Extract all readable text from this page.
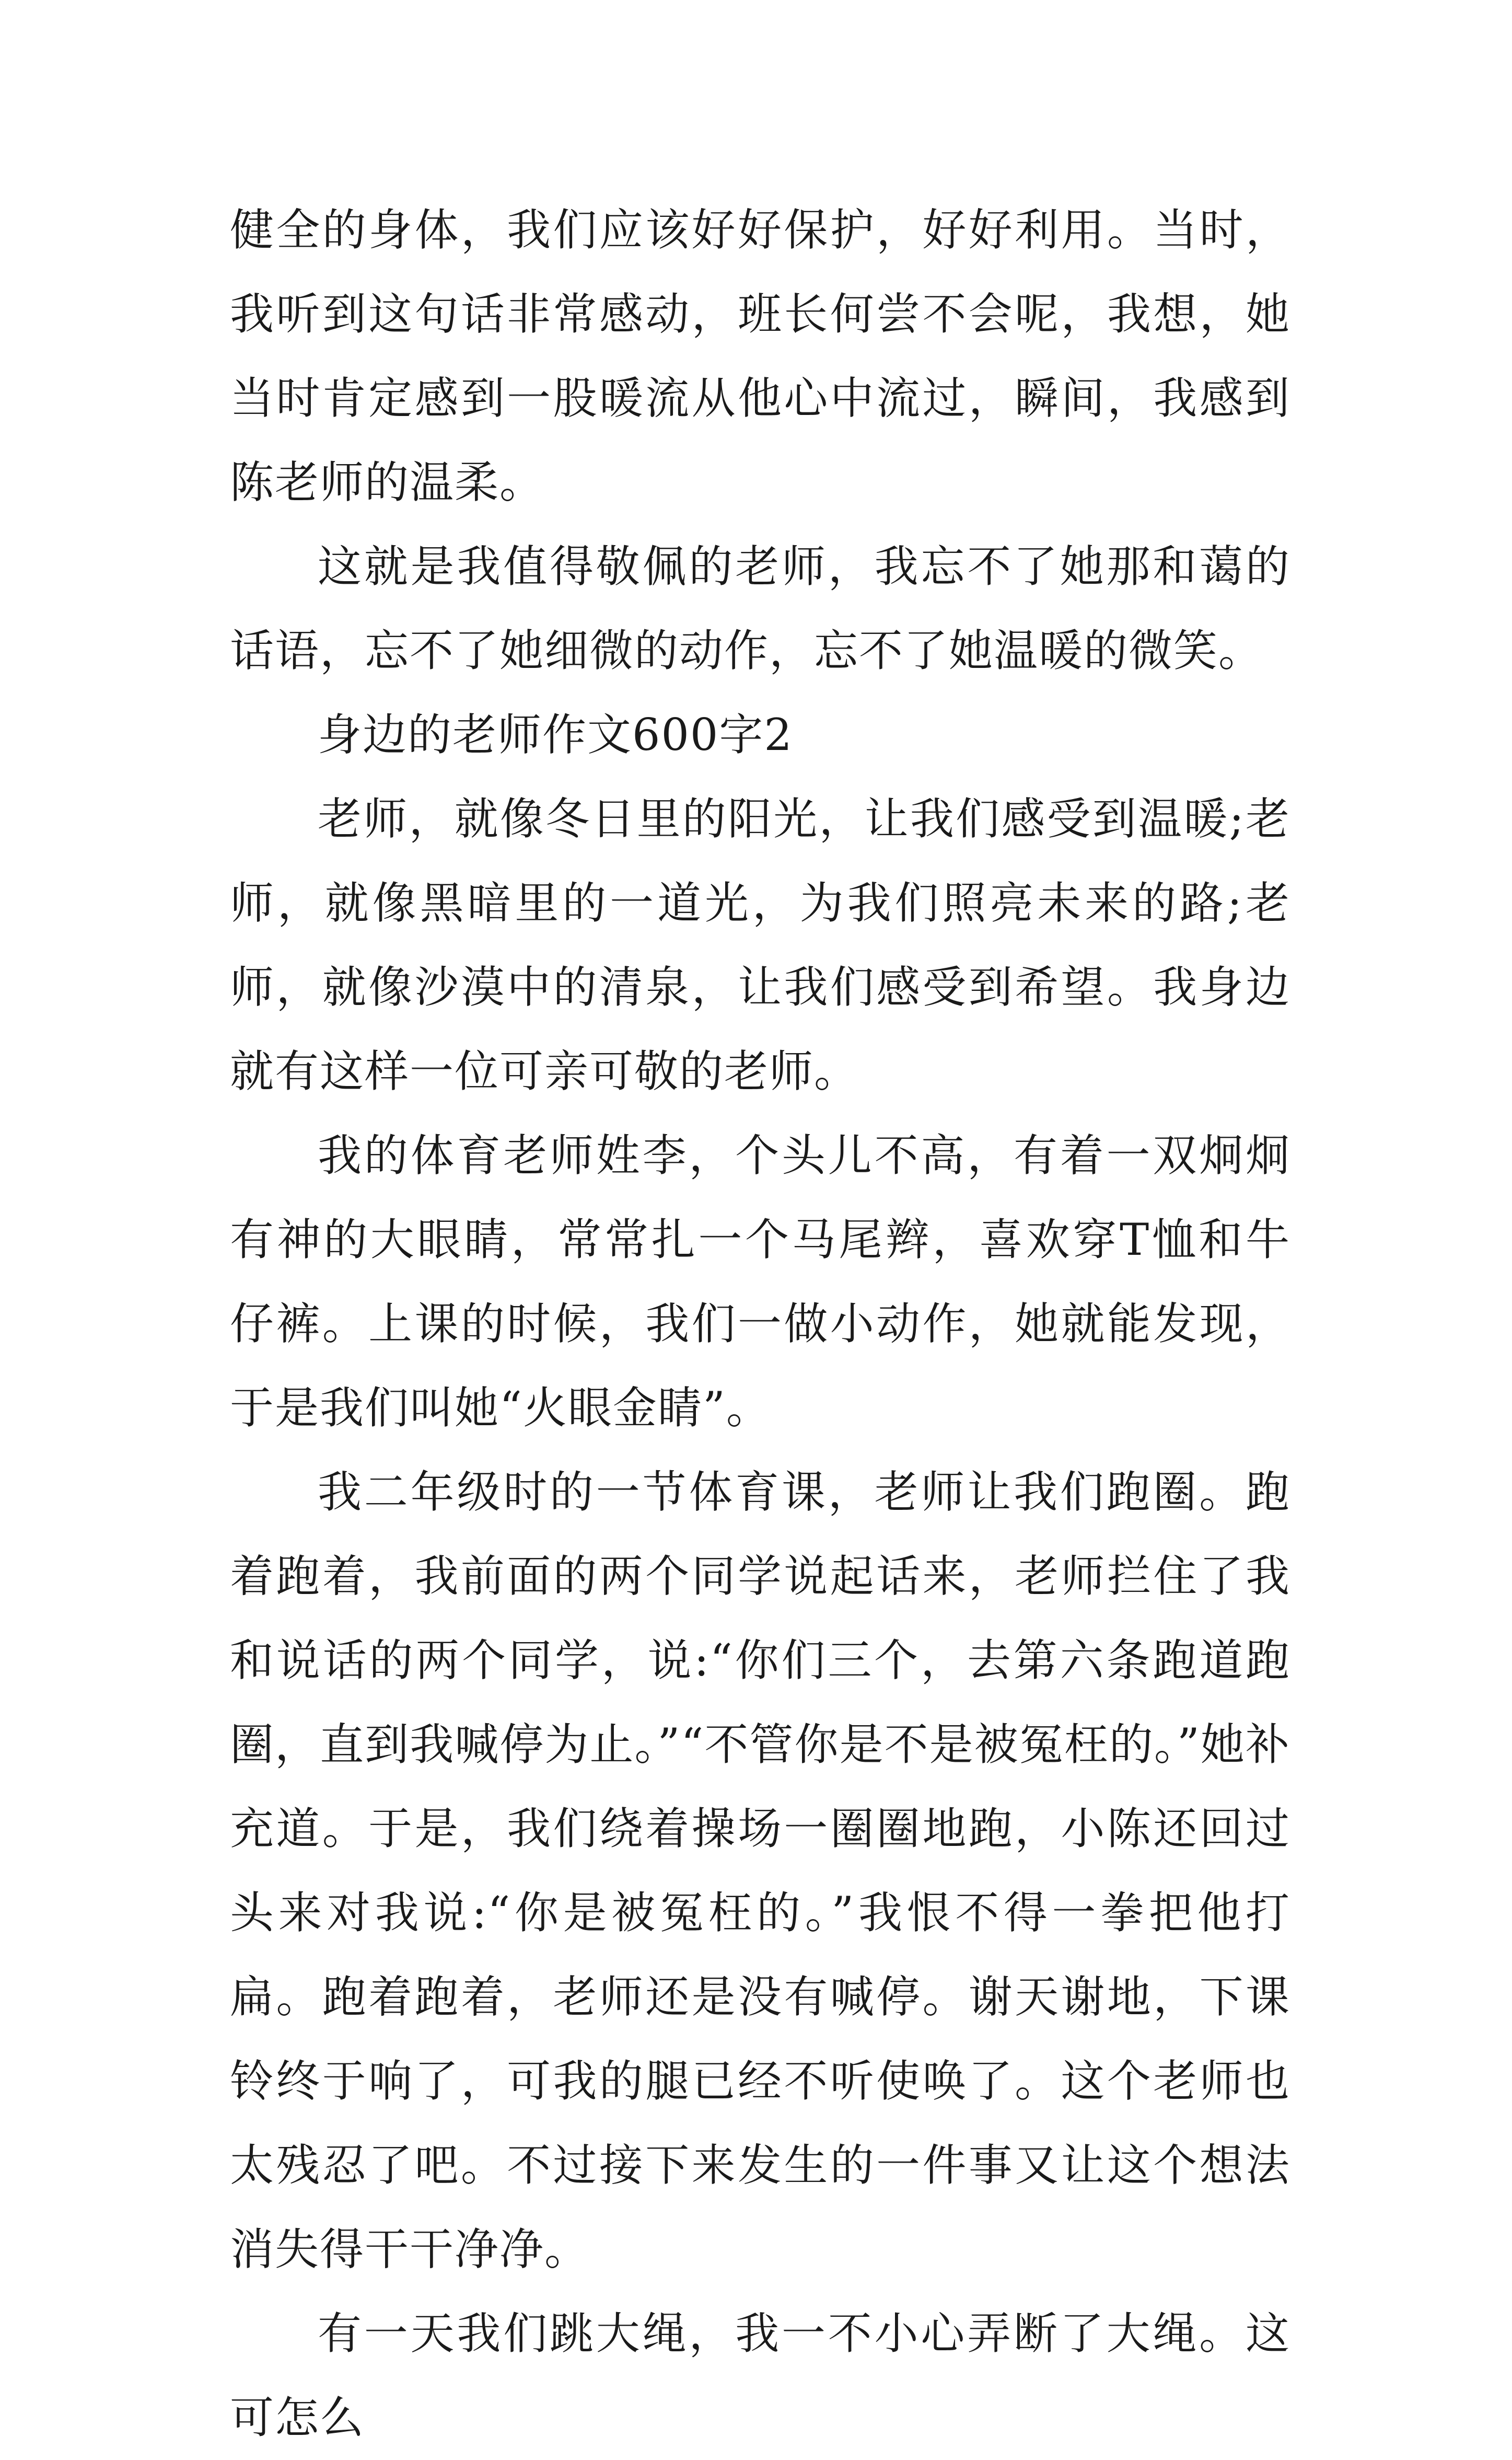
健全的身体，我们应该好好保护，好好利用。当时，我听到这句话非常感动，班长何尝不会呢，我想，她当时肯定感到一股暖流从他心中流过，瞬间，我感到陈老师的温柔。

这就是我值得敬佩的老师，我忘不了她那和蔼的话语，忘不了她细微的动作，忘不了她温暖的微笑。

身边的老师作文600字2

老师，就像冬日里的阳光，让我们感受到温暖;老师，就像黑暗里的一道光，为我们照亮未来的路;老师，就像沙漠中的清泉，让我们感受到希望。我身边就有这样一位可亲可敬的老师。

我的体育老师姓李，个头儿不高，有着一双炯炯有神的大眼睛，常常扎一个马尾辫，喜欢穿T恤和牛仔裤。上课的时候，我们一做小动作，她就能发现，于是我们叫她“火眼金睛”。

我二年级时的一节体育课，老师让我们跑圈。跑着跑着，我前面的两个同学说起话来，老师拦住了我和说话的两个同学，说:“你们三个，去第六条跑道跑圈，直到我喊停为止。”“不管你是不是被冤枉的。”她补充道。于是，我们绕着操场一圈圈地跑，小陈还回过头来对我说:“你是被冤枉的。”我恨不得一拳把他打扁。跑着跑着，老师还是没有喊停。谢天谢地，下课铃终于响了，可我的腿已经不听使唤了。这个老师也太残忍了吧。不过接下来发生的一件事又让这个想法消失得干干净净。

有一天我们跳大绳，我一不小心弄断了大绳。这可怎么
